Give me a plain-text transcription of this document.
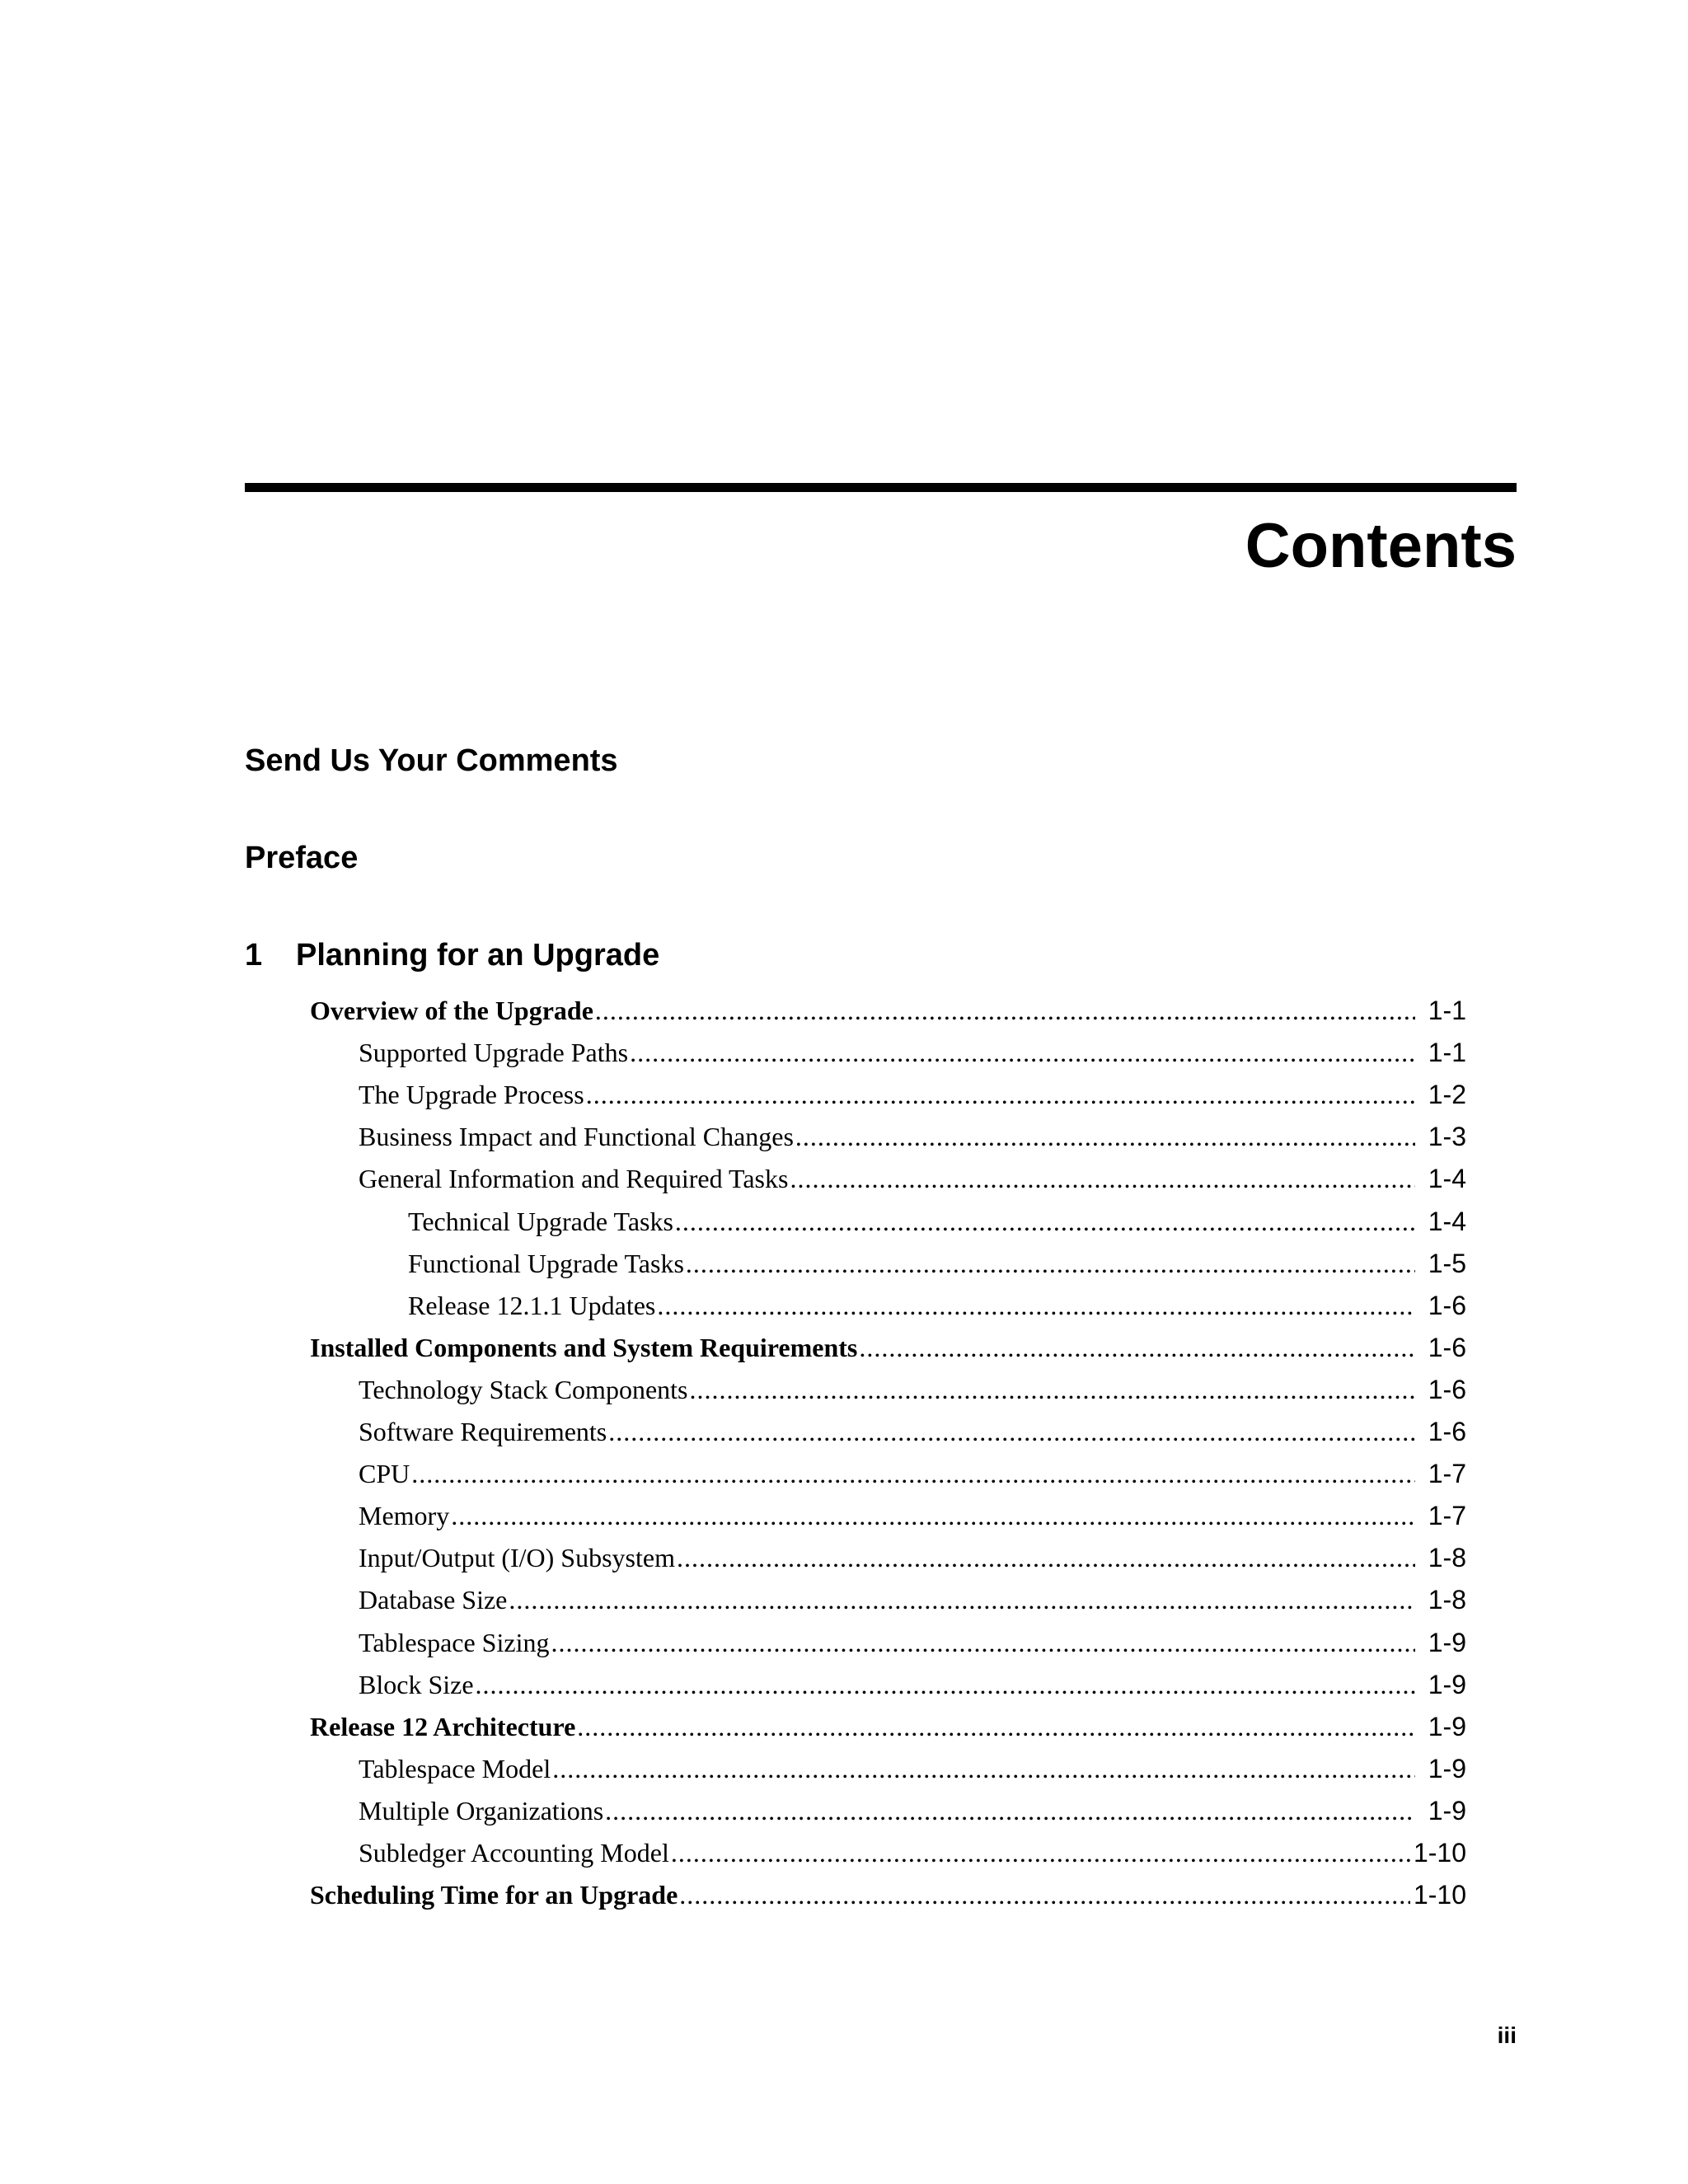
Contents
Send Us Your Comments
Preface
1 Planning for an Upgrade
Overview of the Upgrade .....	1-1
Supported Upgrade Paths .....	1-1
The Upgrade Process .....	1-2
Business Impact and Functional Changes .....	1-3
General Information and Required Tasks .....	1-4
Technical Upgrade Tasks .....	1-4
Functional Upgrade Tasks .....	1-5
Release 12.1.1 Updates .....	1-6
Installed Components and System Requirements .....	1-6
Technology Stack Components .....	1-6
Software Requirements .....	1-6
CPU .....	1-7
Memory .....	1-7
Input/Output (I/O) Subsystem .....	1-8
Database Size .....	1-8
Tablespace Sizing .....	1-9
Block Size .....	1-9
Release 12 Architecture .....	1-9
Tablespace Model .....	1-9
Multiple Organizations .....	1-9
Subledger Accounting Model .....	1-10
Scheduling Time for an Upgrade .....	1-10
iii
